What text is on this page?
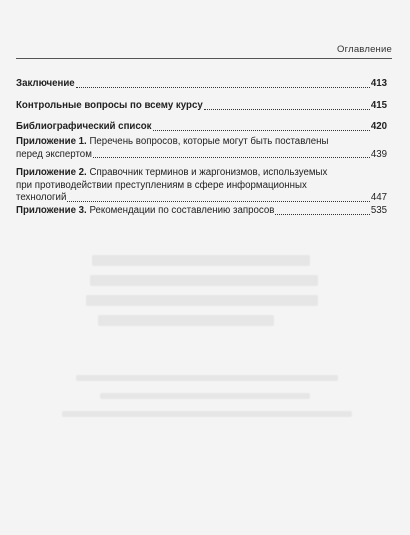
Оглавление
Заключение	413
Контрольные вопросы по всему курсу	415
Библиографический список	420
Приложение 1. Перечень вопросов, которые могут быть поставлены
перед экспертом	439
Приложение 2. Справочник терминов и жаргонизмов, используемых
при противодействии преступлениям в сфере информационных
технологий	447
Приложение 3. Рекомендации по составлению запросов	535
